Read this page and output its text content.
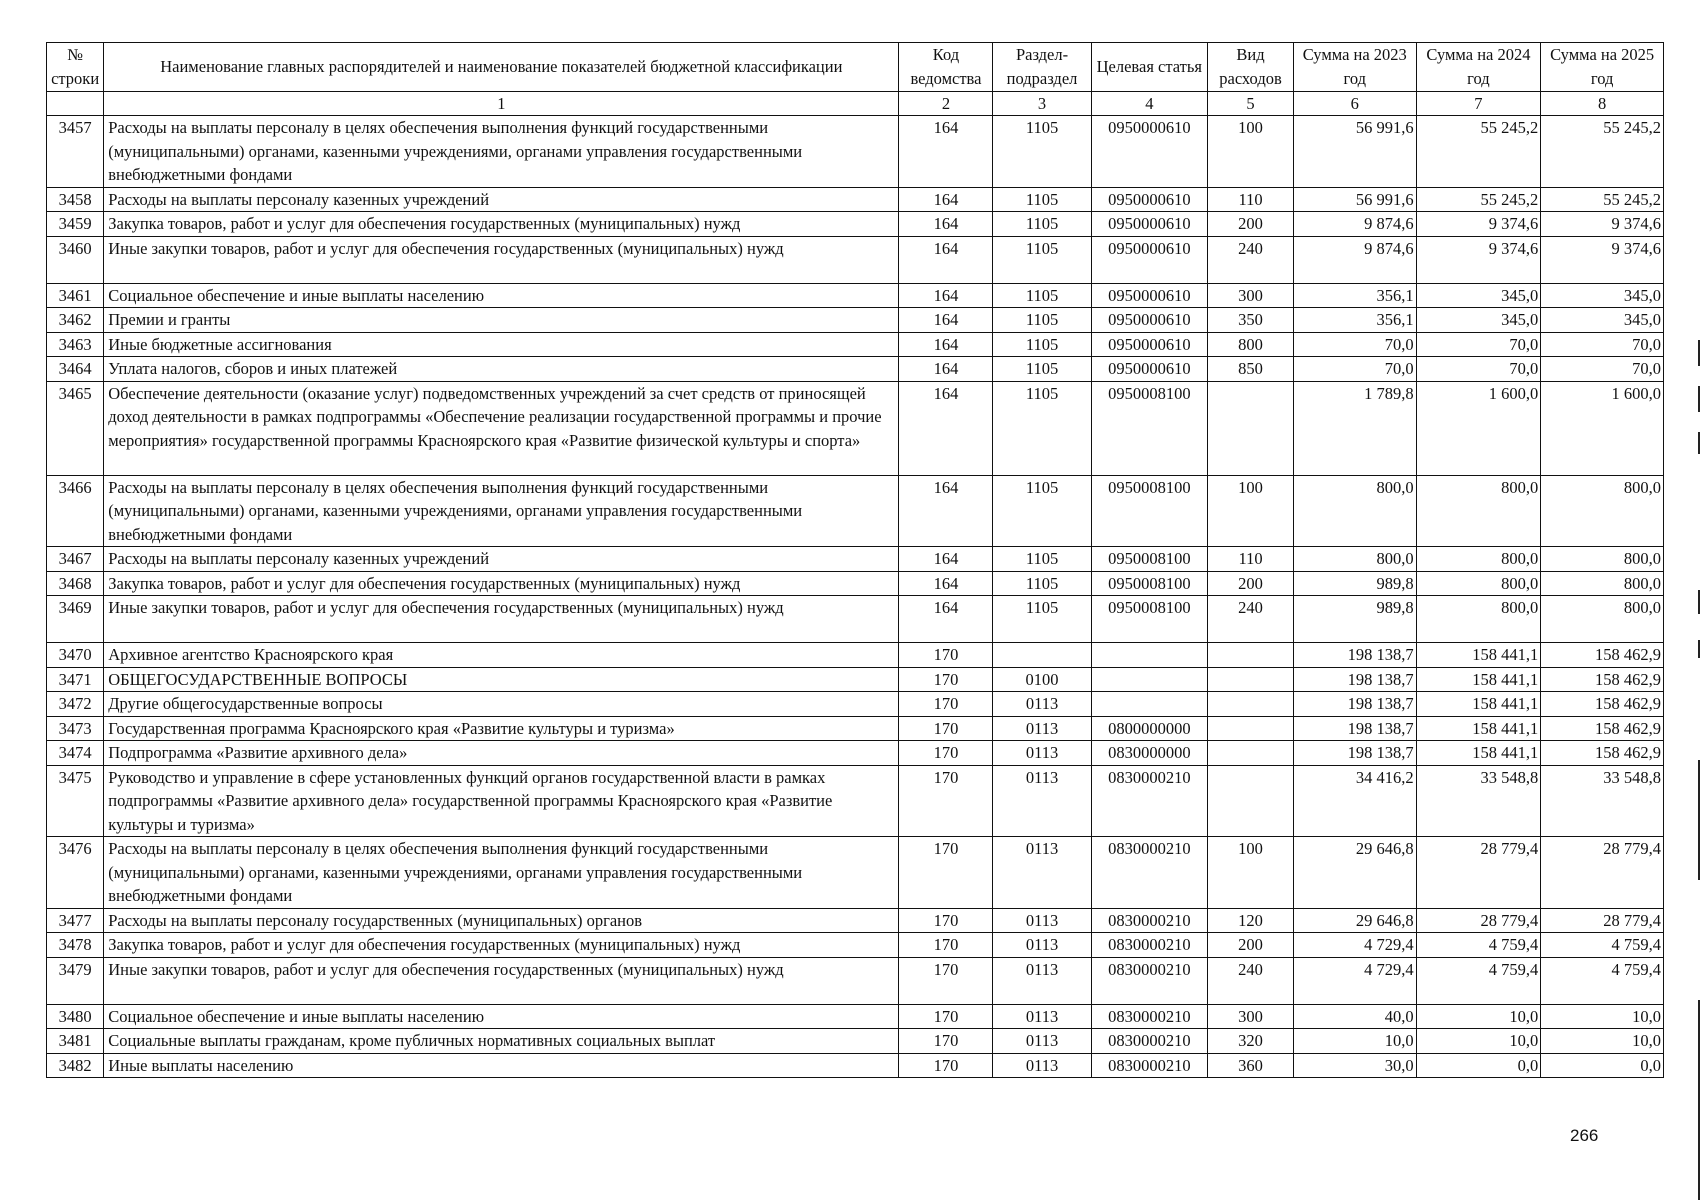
№ строки	Наименование главных распорядителей и наименование показателей бюджетной классификации	Код ведомства	Раздел-подраздел	Целевая статья	Вид расходов	Сумма на 2023 год	Сумма на 2024 год	Сумма на 2025 год
	1	2	3	4	5	6	7	8
3457	Расходы на выплаты персоналу в целях обеспечения выполнения функций государственными (муниципальными) органами, казенными учреждениями, органами управления государственными внебюджетными фондами	164	1105	0950000610	100	56 991,6	55 245,2	55 245,2
3458	Расходы на выплаты персоналу казенных учреждений	164	1105	0950000610	110	56 991,6	55 245,2	55 245,2
3459	Закупка товаров, работ и услуг для обеспечения государственных (муниципальных) нужд	164	1105	0950000610	200	9 874,6	9 374,6	9 374,6
3460	Иные закупки товаров, работ и услуг для обеспечения государственных (муниципальных) нужд	164	1105	0950000610	240	9 874,6	9 374,6	9 374,6
3461	Социальное обеспечение и иные выплаты населению	164	1105	0950000610	300	356,1	345,0	345,0
3462	Премии и гранты	164	1105	0950000610	350	356,1	345,0	345,0
3463	Иные бюджетные ассигнования	164	1105	0950000610	800	70,0	70,0	70,0
3464	Уплата налогов, сборов и иных платежей	164	1105	0950000610	850	70,0	70,0	70,0
3465	Обеспечение деятельности (оказание услуг) подведомственных учреждений за счет средств от приносящей доход деятельности в рамках подпрограммы «Обеспечение реализации государственной программы и прочие мероприятия» государственной программы Красноярского края «Развитие физической культуры и спорта»	164	1105	0950008100		1 789,8	1 600,0	1 600,0
3466	Расходы на выплаты персоналу в целях обеспечения выполнения функций государственными (муниципальными) органами, казенными учреждениями, органами управления государственными внебюджетными фондами	164	1105	0950008100	100	800,0	800,0	800,0
3467	Расходы на выплаты персоналу казенных учреждений	164	1105	0950008100	110	800,0	800,0	800,0
3468	Закупка товаров, работ и услуг для обеспечения государственных (муниципальных) нужд	164	1105	0950008100	200	989,8	800,0	800,0
3469	Иные закупки товаров, работ и услуг для обеспечения государственных (муниципальных) нужд	164	1105	0950008100	240	989,8	800,0	800,0
3470	Архивное агентство Красноярского края	170				198 138,7	158 441,1	158 462,9
3471	ОБЩЕГОСУДАРСТВЕННЫЕ ВОПРОСЫ	170	0100			198 138,7	158 441,1	158 462,9
3472	Другие общегосударственные вопросы	170	0113			198 138,7	158 441,1	158 462,9
3473	Государственная программа Красноярского края «Развитие культуры и туризма»	170	0113	0800000000		198 138,7	158 441,1	158 462,9
3474	Подпрограмма «Развитие архивного дела»	170	0113	0830000000		198 138,7	158 441,1	158 462,9
3475	Руководство и управление в сфере установленных функций органов государственной власти в рамках подпрограммы «Развитие архивного дела» государственной программы Красноярского края «Развитие культуры и туризма»	170	0113	0830000210		34 416,2	33 548,8	33 548,8
3476	Расходы на выплаты персоналу в целях обеспечения выполнения функций государственными (муниципальными) органами, казенными учреждениями, органами управления государственными внебюджетными фондами	170	0113	0830000210	100	29 646,8	28 779,4	28 779,4
3477	Расходы на выплаты персоналу государственных (муниципальных) органов	170	0113	0830000210	120	29 646,8	28 779,4	28 779,4
3478	Закупка товаров, работ и услуг для обеспечения государственных (муниципальных) нужд	170	0113	0830000210	200	4 729,4	4 759,4	4 759,4
3479	Иные закупки товаров, работ и услуг для обеспечения государственных (муниципальных) нужд	170	0113	0830000210	240	4 729,4	4 759,4	4 759,4
3480	Социальное обеспечение и иные выплаты населению	170	0113	0830000210	300	40,0	10,0	10,0
3481	Социальные выплаты гражданам, кроме публичных нормативных социальных выплат	170	0113	0830000210	320	10,0	10,0	10,0
3482	Иные выплаты населению	170	0113	0830000210	360	30,0	0,0	0,0
266
